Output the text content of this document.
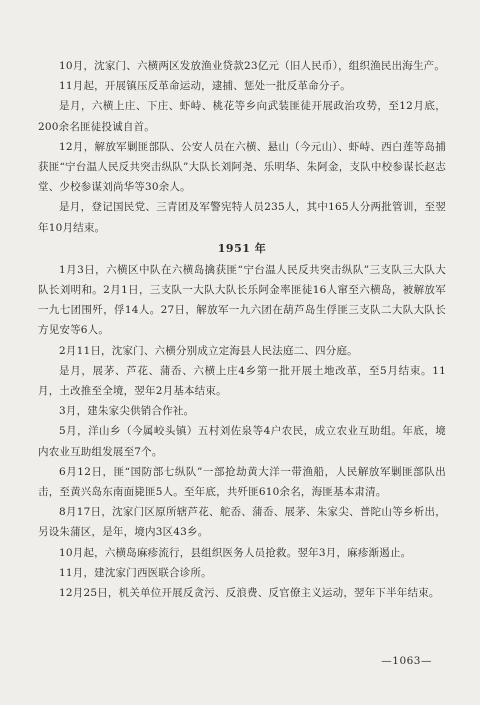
10月，沈家门、六横两区发放渔业贷款23亿元（旧人民币），组织渔民出海生产。

11月起，开展镇压反革命运动，逮捕、惩处一批反革命分子。

是月，六横上庄、下庄、虾峙、桃花等乡向武装匪徒开展政治攻势，至12月底，200余名匪徒投诚自首。

12月，解放军剿匪部队、公安人员在六横、悬山（今元山）、虾峙、西白莲等岛捕获匪“宁台温人民反共突击纵队”大队长刘阿尧、乐明华、朱阿金，支队中校参谋长赵志堂、少校参谋刘尚华等30余人。

是月，登记国民党、三青团及军警宪特人员235人，其中165人分两批管训，至翌年10月结束。

1951 年

1月3日，六横区中队在六横岛擒获匪“宁台温人民反共突击纵队”三支队三大队大队长刘明和。2月1日，三支队一大队大队长乐阿金率匪徒16人窜至六横岛，被解放军一九七团围歼，俘14人。27日，解放军一九六团在葫芦岛生俘匪三支队二大队大队长方见安等6人。

2月11日，沈家门、六横分别成立定海县人民法庭二、四分庭。

是月，展茅、芦花、蒲岙、六横上庄4乡第一批开展土地改革，至5月结束。11月，土改推至全境，翌年2月基本结束。

3月，建朱家尖供销合作社。

5月，洋山乡（今属峧头镇）五村刘佐泉等4户农民，成立农业互助组。年底，境内农业互助组发展至7个。

6月12日，匪“国防部七纵队”一部抢劫黄大洋一带渔船，人民解放军剿匪部队出击，至黄兴岛东南面毙匪5人。至年底，共歼匪610余名，海匪基本肃清。

8月17日，沈家门区原所辖芦花、舵岙、蒲岙、展茅、朱家尖、普陀山等乡析出，另设朱蒲区，是年，境内3区43乡。

10月起，六横岛麻疹流行，县组织医务人员抢救。翌年3月，麻疹渐遏止。

11月，建沈家门西医联合诊所。

12月25日，机关单位开展反贪污、反浪费、反官僚主义运动，翌年下半年结束。

—1063—
